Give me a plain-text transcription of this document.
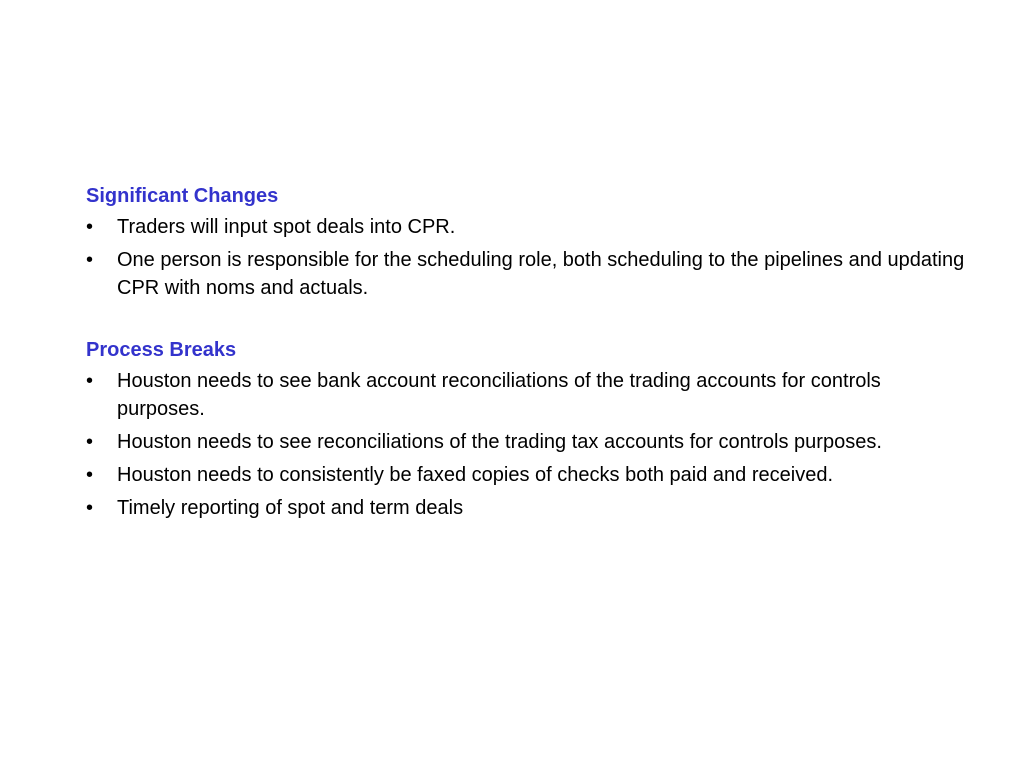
Significant Changes
•	Traders will input spot deals into CPR.
•	One person is responsible for the scheduling role, both scheduling to the pipelines and updating CPR with noms and actuals.
Process Breaks
•	Houston needs to see bank account reconciliations of the trading accounts for controls purposes.
•	Houston needs to see reconciliations of the trading tax accounts for controls purposes.
•	Houston needs to consistently be faxed copies of checks both paid and received.
•	Timely reporting of spot and term deals
